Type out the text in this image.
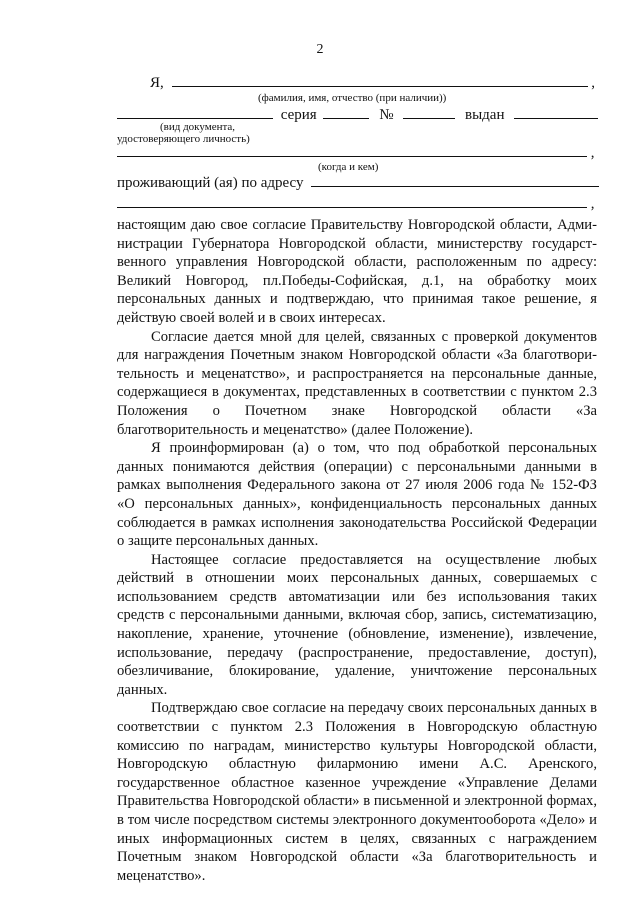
2
Я,	,
(фамилия, имя, отчество (при наличии))
серия	№	выдан
(вид документа,
удостоверяющего личность)
,
(когда и кем)
проживающий (ая) по адресу
,

настоящим даю свое согласие Правительству Новгородской области, Администрации Губернатора Новгородской области, министерству государственного управления Новгородской области, расположенным по адресу: Великий Новгород, пл.Победы-Софийская, д.1, на обработку моих персональных данных и подтверждаю, что принимая такое решение, я действую своей волей и в своих интересах.

Согласие дается мной для целей, связанных с проверкой документов для награждения Почетным знаком Новгородской области «За благотворительность и меценатство», и распространяется на персональные данные, содержащиеся в документах, представленных в соответствии с пунктом 2.3 Положения о Почетном знаке Новгородской области «За благотворительность и меценатство» (далее Положение).

Я проинформирован (а) о том, что под обработкой персональных данных понимаются действия (операции) с персональными данными в рамках выполнения Федерального закона от 27 июля 2006 года № 152-ФЗ «О персональных данных», конфиденциальность персональных данных соблюдается в рамках исполнения законодательства Российской Федерации о защите персональных данных.

Настоящее согласие предоставляется на осуществление любых действий в отношении моих персональных данных, совершаемых с использованием средств автоматизации или без использования таких средств с персональными данными, включая сбор, запись, систематизацию, накопление, хранение, уточнение (обновление, изменение), извлечение, использование, передачу (распространение, предоставление, доступ), обезличивание, блокирование, удаление, уничтожение персональных данных.

Подтверждаю свое согласие на передачу своих персональных данных в соответствии с пунктом 2.3 Положения в Новгородскую областную комиссию по наградам, министерство культуры Новгородской области, Новгородскую областную филармонию имени А.С. Аренского, государственное областное казенное учреждение «Управление Делами Правительства Новгородской области» в письменной и электронной формах, в том числе посредством системы электронного документооборота «Дело» и иных информационных систем в целях, связанных с награждением Почетным знаком Новгородской области «За благотворительность и меценатство».
